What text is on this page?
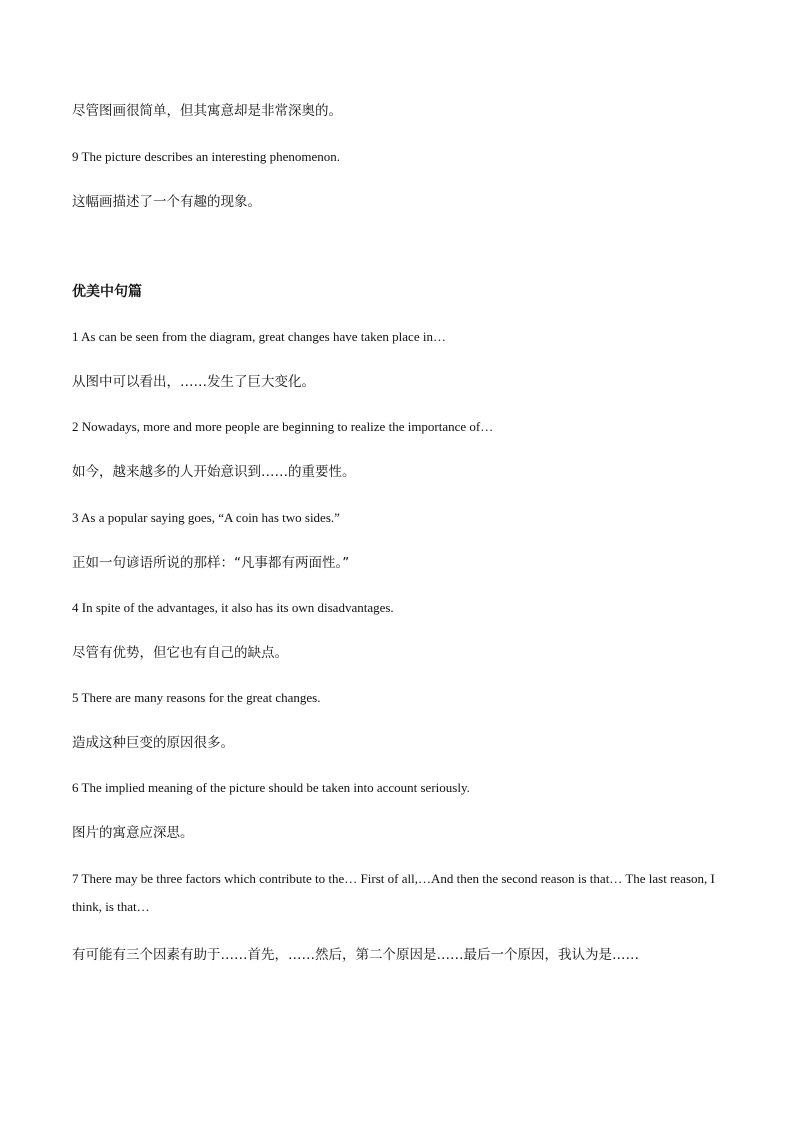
尽管图画很简单，但其寓意却是非常深奥的。

9 The picture describes an interesting phenomenon.

这幅画描述了一个有趣的现象。

优美中句篇

1 As can be seen from the diagram, great changes have taken place in…

从图中可以看出，……发生了巨大变化。

2 Nowadays, more and more people are beginning to realize the importance of…

如今，越来越多的人开始意识到……的重要性。

3 As a popular saying goes, “A coin has two sides.”

正如一句谚语所说的那样：“凡事都有两面性。”

4 In spite of the advantages, it also has its own disadvantages.

尽管有优势，但它也有自己的缺点。

5 There are many reasons for the great changes.

造成这种巨变的原因很多。

6 The implied meaning of the picture should be taken into account seriously.

图片的寓意应深思。

7 There may be three factors which contribute to the… First of all,…And then the second reason is that… The last reason, I think, is that…

有可能有三个因素有助于……首先，……然后，第二个原因是……最后一个原因，我认为是……
